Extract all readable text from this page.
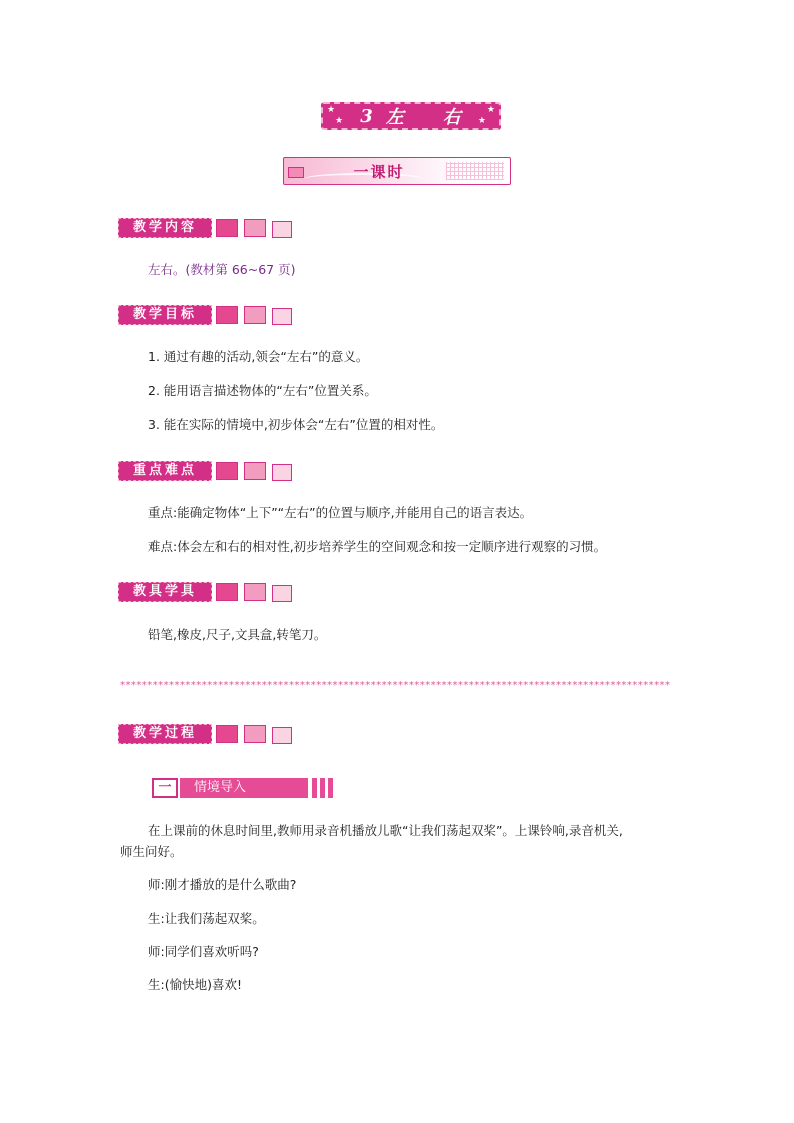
★
★
★
★
3 左 右
一课时
教学内容
左右。(教材第 66~67 页)
教学目标
1. 通过有趣的活动,领会“左右”的意义。
2. 能用语言描述物体的“左右”位置关系。
3. 能在实际的情境中,初步体会“左右”位置的相对性。
重点难点
重点:能确定物体“上下”“左右”的位置与顺序,并能用自己的语言表达。
难点:体会左和右的相对性,初步培养学生的空间观念和按一定顺序进行观察的习惯。
教具学具
铅笔,橡皮,尺子,文具盒,转笔刀。
*****************************************************************************************************
教学过程
一	情境导入
在上课前的休息时间里,教师用录音机播放儿歌“让我们荡起双桨”。上课铃响,录音机关,
师生问好。
师:刚才播放的是什么歌曲?
生:让我们荡起双桨。
师:同学们喜欢听吗?
生:(愉快地)喜欢!
